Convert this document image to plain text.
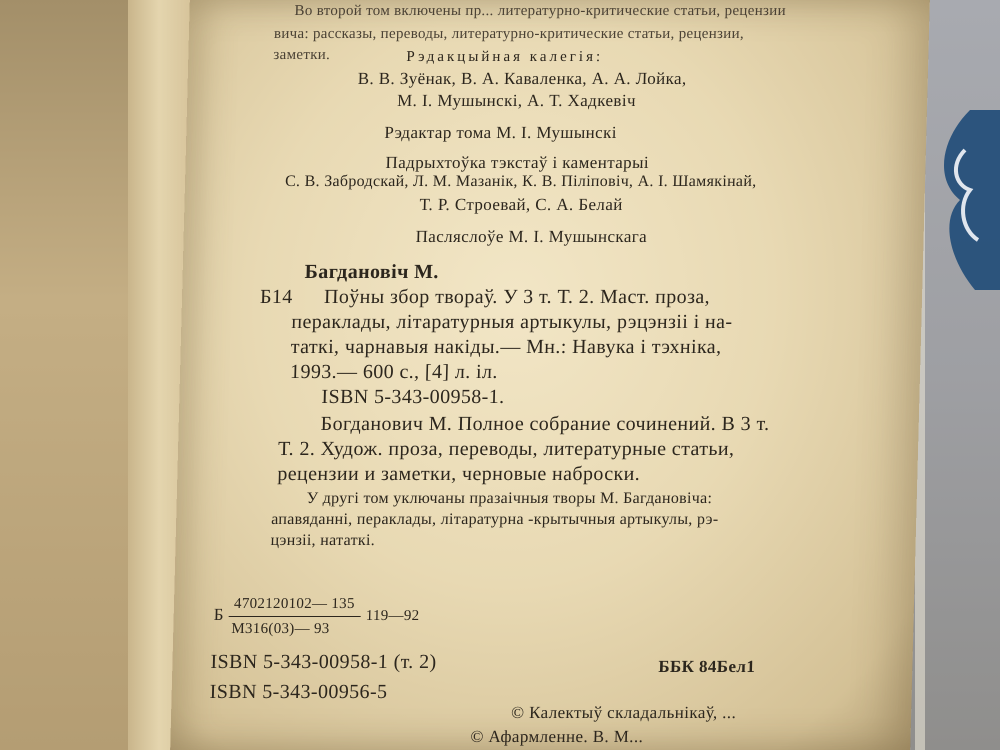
Во второй том включены пр... литературно-критические статьи, рецензии
вича: рассказы, переводы, литературно-критические статьи, рецензии,
заметки.	Рэдакцыйная калегія:
В. В. Зуёнак, В. А. Каваленка, А. А. Лойка,
М. І. Мушынскі, А. Т. Хадкевіч
Рэдактар тома М. І. Мушынскі
Падрыхтоўка тэкстаў і каментарыі
С. В. Забродскай, Л. М. Мазанік, К. В. Піліповіч, А. І. Шамякінай,
Т. Р. Строевай, С. А. Белай
Пасляслоўе М. І. Мушынскага
Багдановіч М.
Б14 Поўны збор твораў. У 3 т. Т. 2. Маст. проза,
пераклады, літаратурныя артыкулы, рэцэнзіі і на-
таткі, чарнавыя накіды.— Мн.: Навука і тэхніка,
1993.— 600 с., [4] л. іл.
ISBN 5-343-00958-1.
Богданович М. Полное собрание сочинений. В 3 т.
Т. 2. Худож. проза, переводы, литературные статьи,
рецензии и заметки, черновые наброски.
У другі том уключаны празаічныя творы М. Багдановіча:
апавяданні, пераклады, літаратурна -крытычныя артыкулы, рэ-
цэнзіі, нататкі.
Б
4702120102— 135
М316(03)— 93
119—92
ISBN 5-343-00958-1 (т. 2)
ISBN 5-343-00956-5
ББК 84Бел1
© Калектыў складальнікаў, ...
© Афармленне. В. М...
